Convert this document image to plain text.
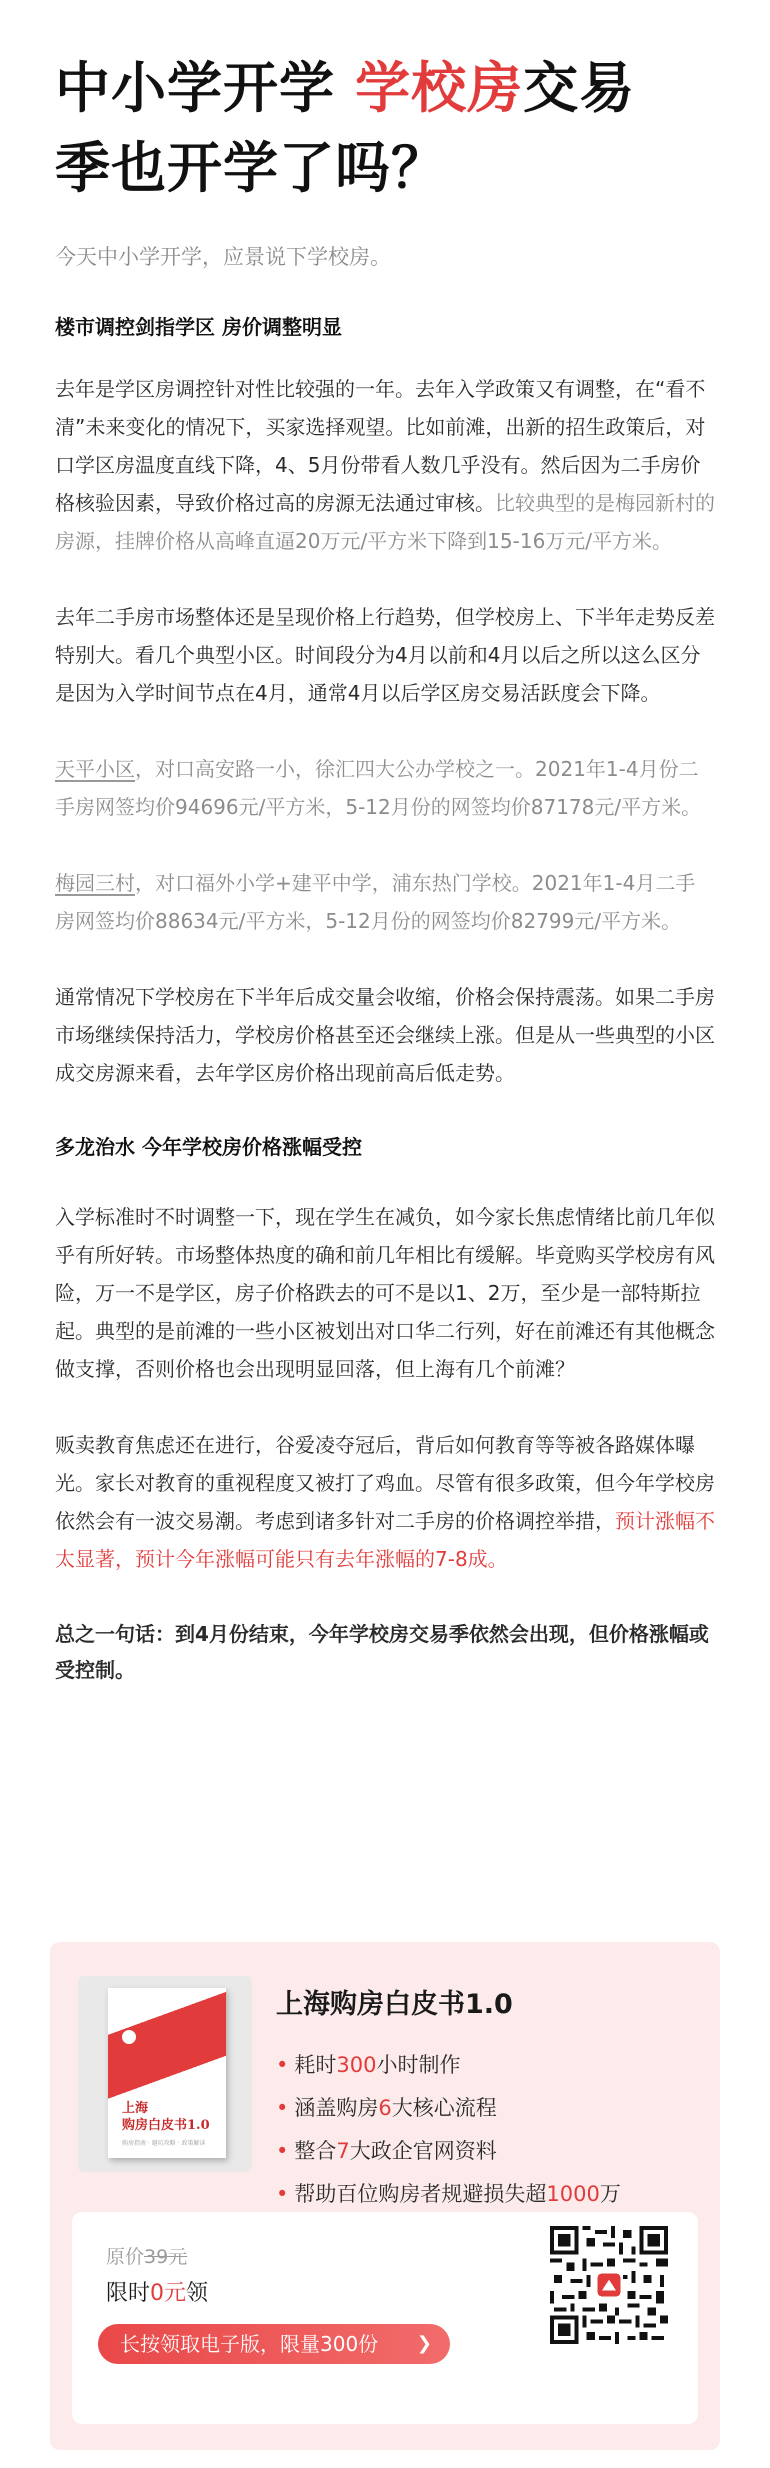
中小学开学 学校房交易
季也开学了吗？
今天中小学开学，应景说下学校房。
楼市调控剑指学区 房价调整明显

去年是学区房调控针对性比较强的一年。去年入学政策又有调整，在“看不清”未来变化的情况下，买家选择观望。比如前滩，出新的招生政策后，对口学区房温度直线下降，4、5月份带看人数几乎没有。然后因为二手房价格核验因素，导致价格过高的房源无法通过审核。比较典型的是梅园新村的房源，挂牌价格从高峰直逼20万元/平方米下降到15-16万元/平方米。

去年二手房市场整体还是呈现价格上行趋势，但学校房上、下半年走势反差特别大。看几个典型小区。时间段分为4月以前和4月以后之所以这么区分是因为入学时间节点在4月，通常4月以后学区房交易活跃度会下降。

天平小区，对口高安路一小，徐汇四大公办学校之一。2021年1-4月份二手房网签均价94696元/平方米，5-12月份的网签均价87178元/平方米。

梅园三村，对口福外小学+建平中学，浦东热门学校。2021年1-4月二手房网签均价88634元/平方米，5-12月份的网签均价82799元/平方米。

通常情况下学校房在下半年后成交量会收缩，价格会保持震荡。如果二手房市场继续保持活力，学校房价格甚至还会继续上涨。但是从一些典型的小区成交房源来看，去年学区房价格出现前高后低走势。

多龙治水 今年学校房价格涨幅受控

入学标准时不时调整一下，现在学生在减负，如今家长焦虑情绪比前几年似乎有所好转。市场整体热度的确和前几年相比有缓解。毕竟购买学校房有风险，万一不是学区，房子价格跌去的可不是以1、2万，至少是一部特斯拉起。典型的是前滩的一些小区被划出对口华二行列，好在前滩还有其他概念做支撑，否则价格也会出现明显回落，但上海有几个前滩？

贩卖教育焦虑还在进行，谷爱凌夺冠后，背后如何教育等等被各路媒体曝光。家长对教育的重视程度又被打了鸡血。尽管有很多政策，但今年学校房依然会有一波交易潮。考虑到诸多针对二手房的价格调控举措，预计涨幅不太显著，预计今年涨幅可能只有去年涨幅的7-8成。

总之一句话：到4月份结束，今年学校房交易季依然会出现，但价格涨幅或受控制。

上海
购房白皮书1.0
购房指南 · 避坑攻略 · 政策解读
上海购房白皮书1.0
• 耗时300小时制作
• 涵盖购房6大核心流程
• 整合7大政企官网资料
• 帮助百位购房者规避损失超1000万
原价39元
限时0元领
长按领取电子版，限量300份 ❯
